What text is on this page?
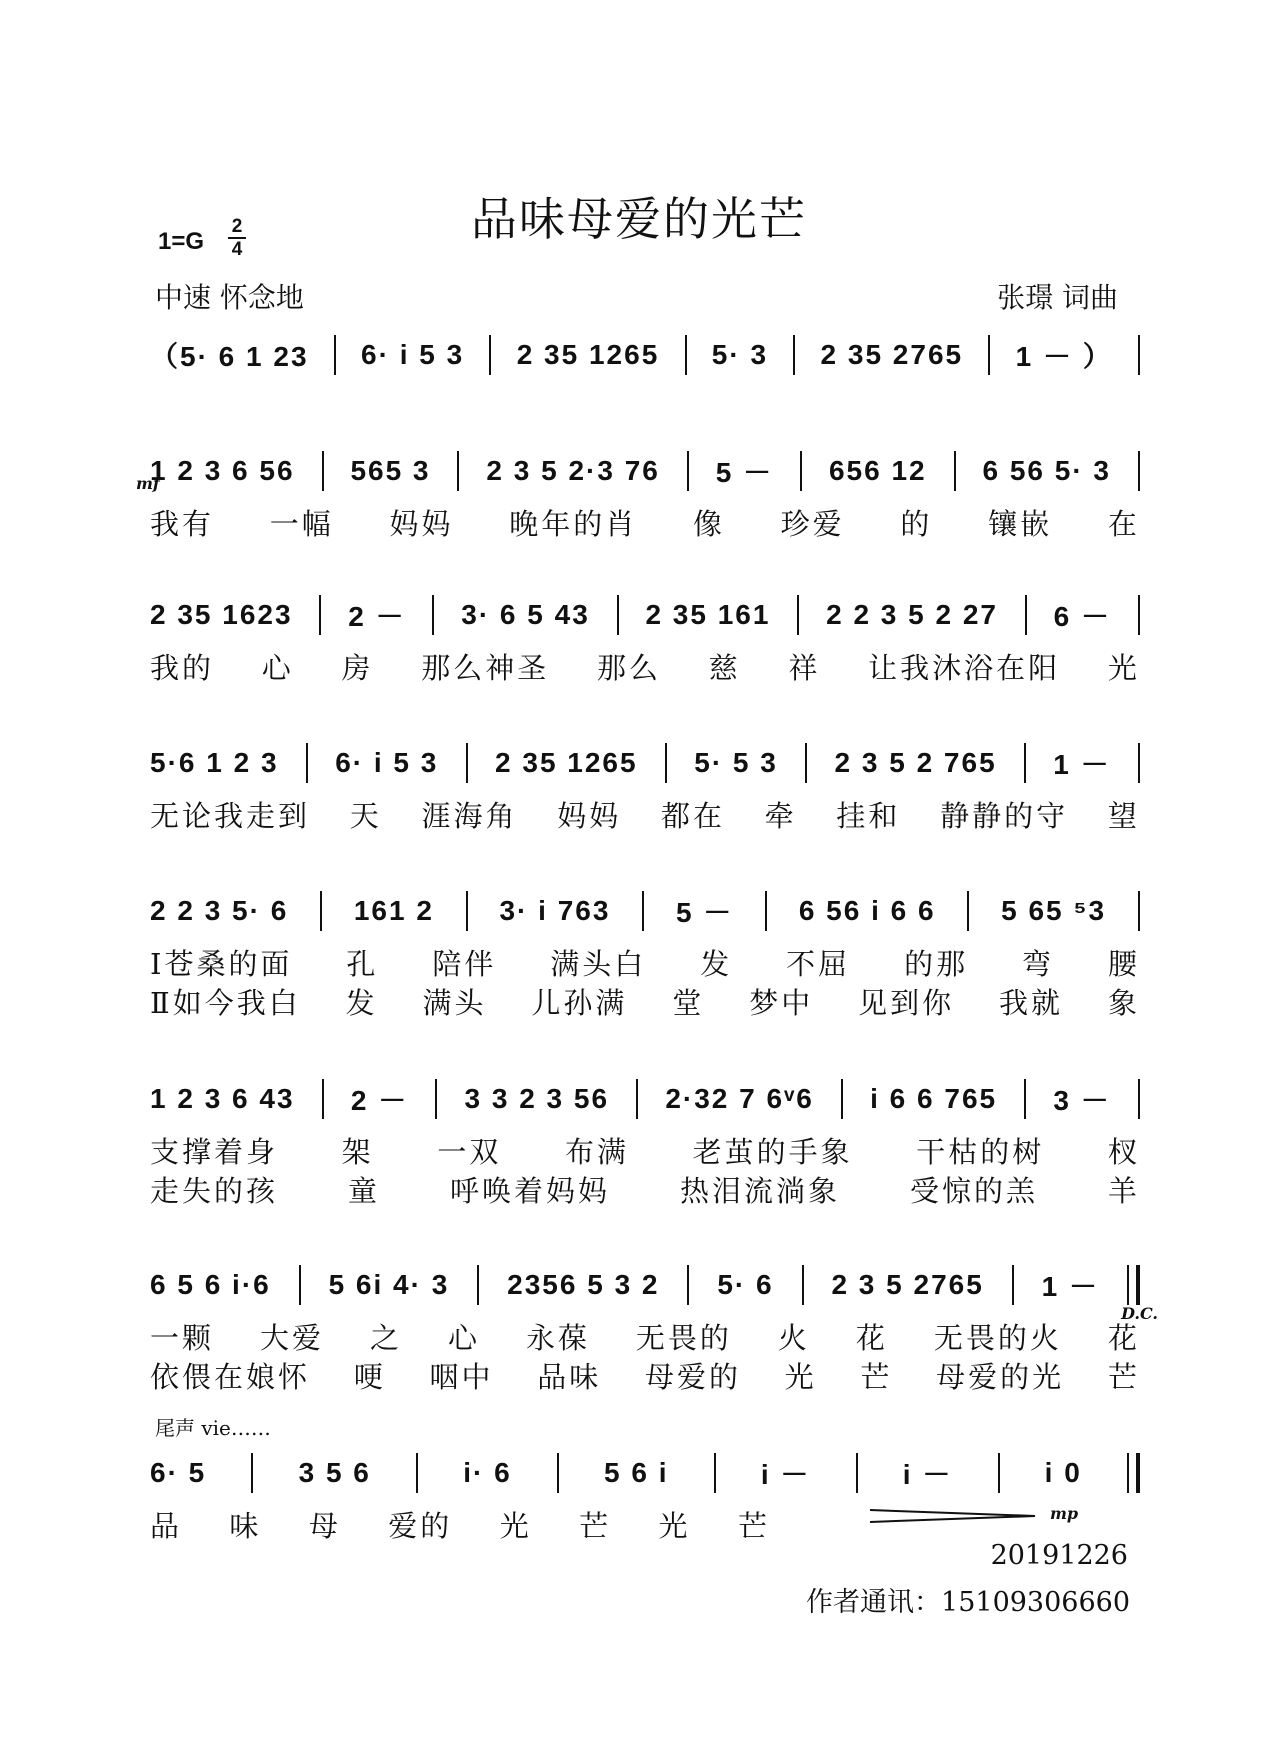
品味母爱的光芒
1=G
2
4
中速 怀念地	张璟 词曲
（5· 6 1 23 6· i 5 3 2 35 1265 5· 3 2 35 2765 1 － ）
mf
1 2 3 6 56 565 3 2 3 5 2·3 76 5 － 656 12 6 56 5· 3
我有 一幅 妈妈 晚年的肖 像 珍爱 的 镶嵌 在
2 35 1623 2 － 3· 6 5 43 2 35 161 2 2 3 5 2 27 6 －
我的 心 房 那么神圣 那么 慈 祥 让我沐浴在阳 光
5·6 1 2 3 6· i 5 3 2 35 1265 5· 5 3 2 3 5 2 765 1 －
无论我走到 天 涯海角 妈妈 都在 牵 挂和 静静的守 望
2 2 3 5· 6 161 2 3· i 763 5 － 6 56 i 6 6 5 65 ⁵3
Ⅰ苍桑的面 孔 陪伴 满头白 发 不屈 的那 弯 腰
Ⅱ如今我白 发 满头 儿孙满 堂 梦中 见到你 我就 象
1 2 3 6 43 2 － 3 3 2 3 56 2·32 7 6ᵛ6 i 6 6 765 3 －
支撑着身 架 一双 布满 老茧的手象 干枯的树 杈
走失的孩 童 呼唤着妈妈 热泪流淌象 受惊的羔 羊
6 5 6 i·6 5 6i 4· 3 2356 5 3 2 5· 6 2 3 5 2765 1 －
D.C.
一颗 大爱 之 心 永葆 无畏的 火 花 无畏的火 花
依偎在娘怀 哽 咽中 品味 母爱的 光 芒 母爱的光 芒
尾声 vie……
6· 5	3 5 6	i· 6	5 6 i	i －	i －	i 0
品 味 母 爱的 光 芒 光 芒	mp
20191226
作者通讯：15109306660
